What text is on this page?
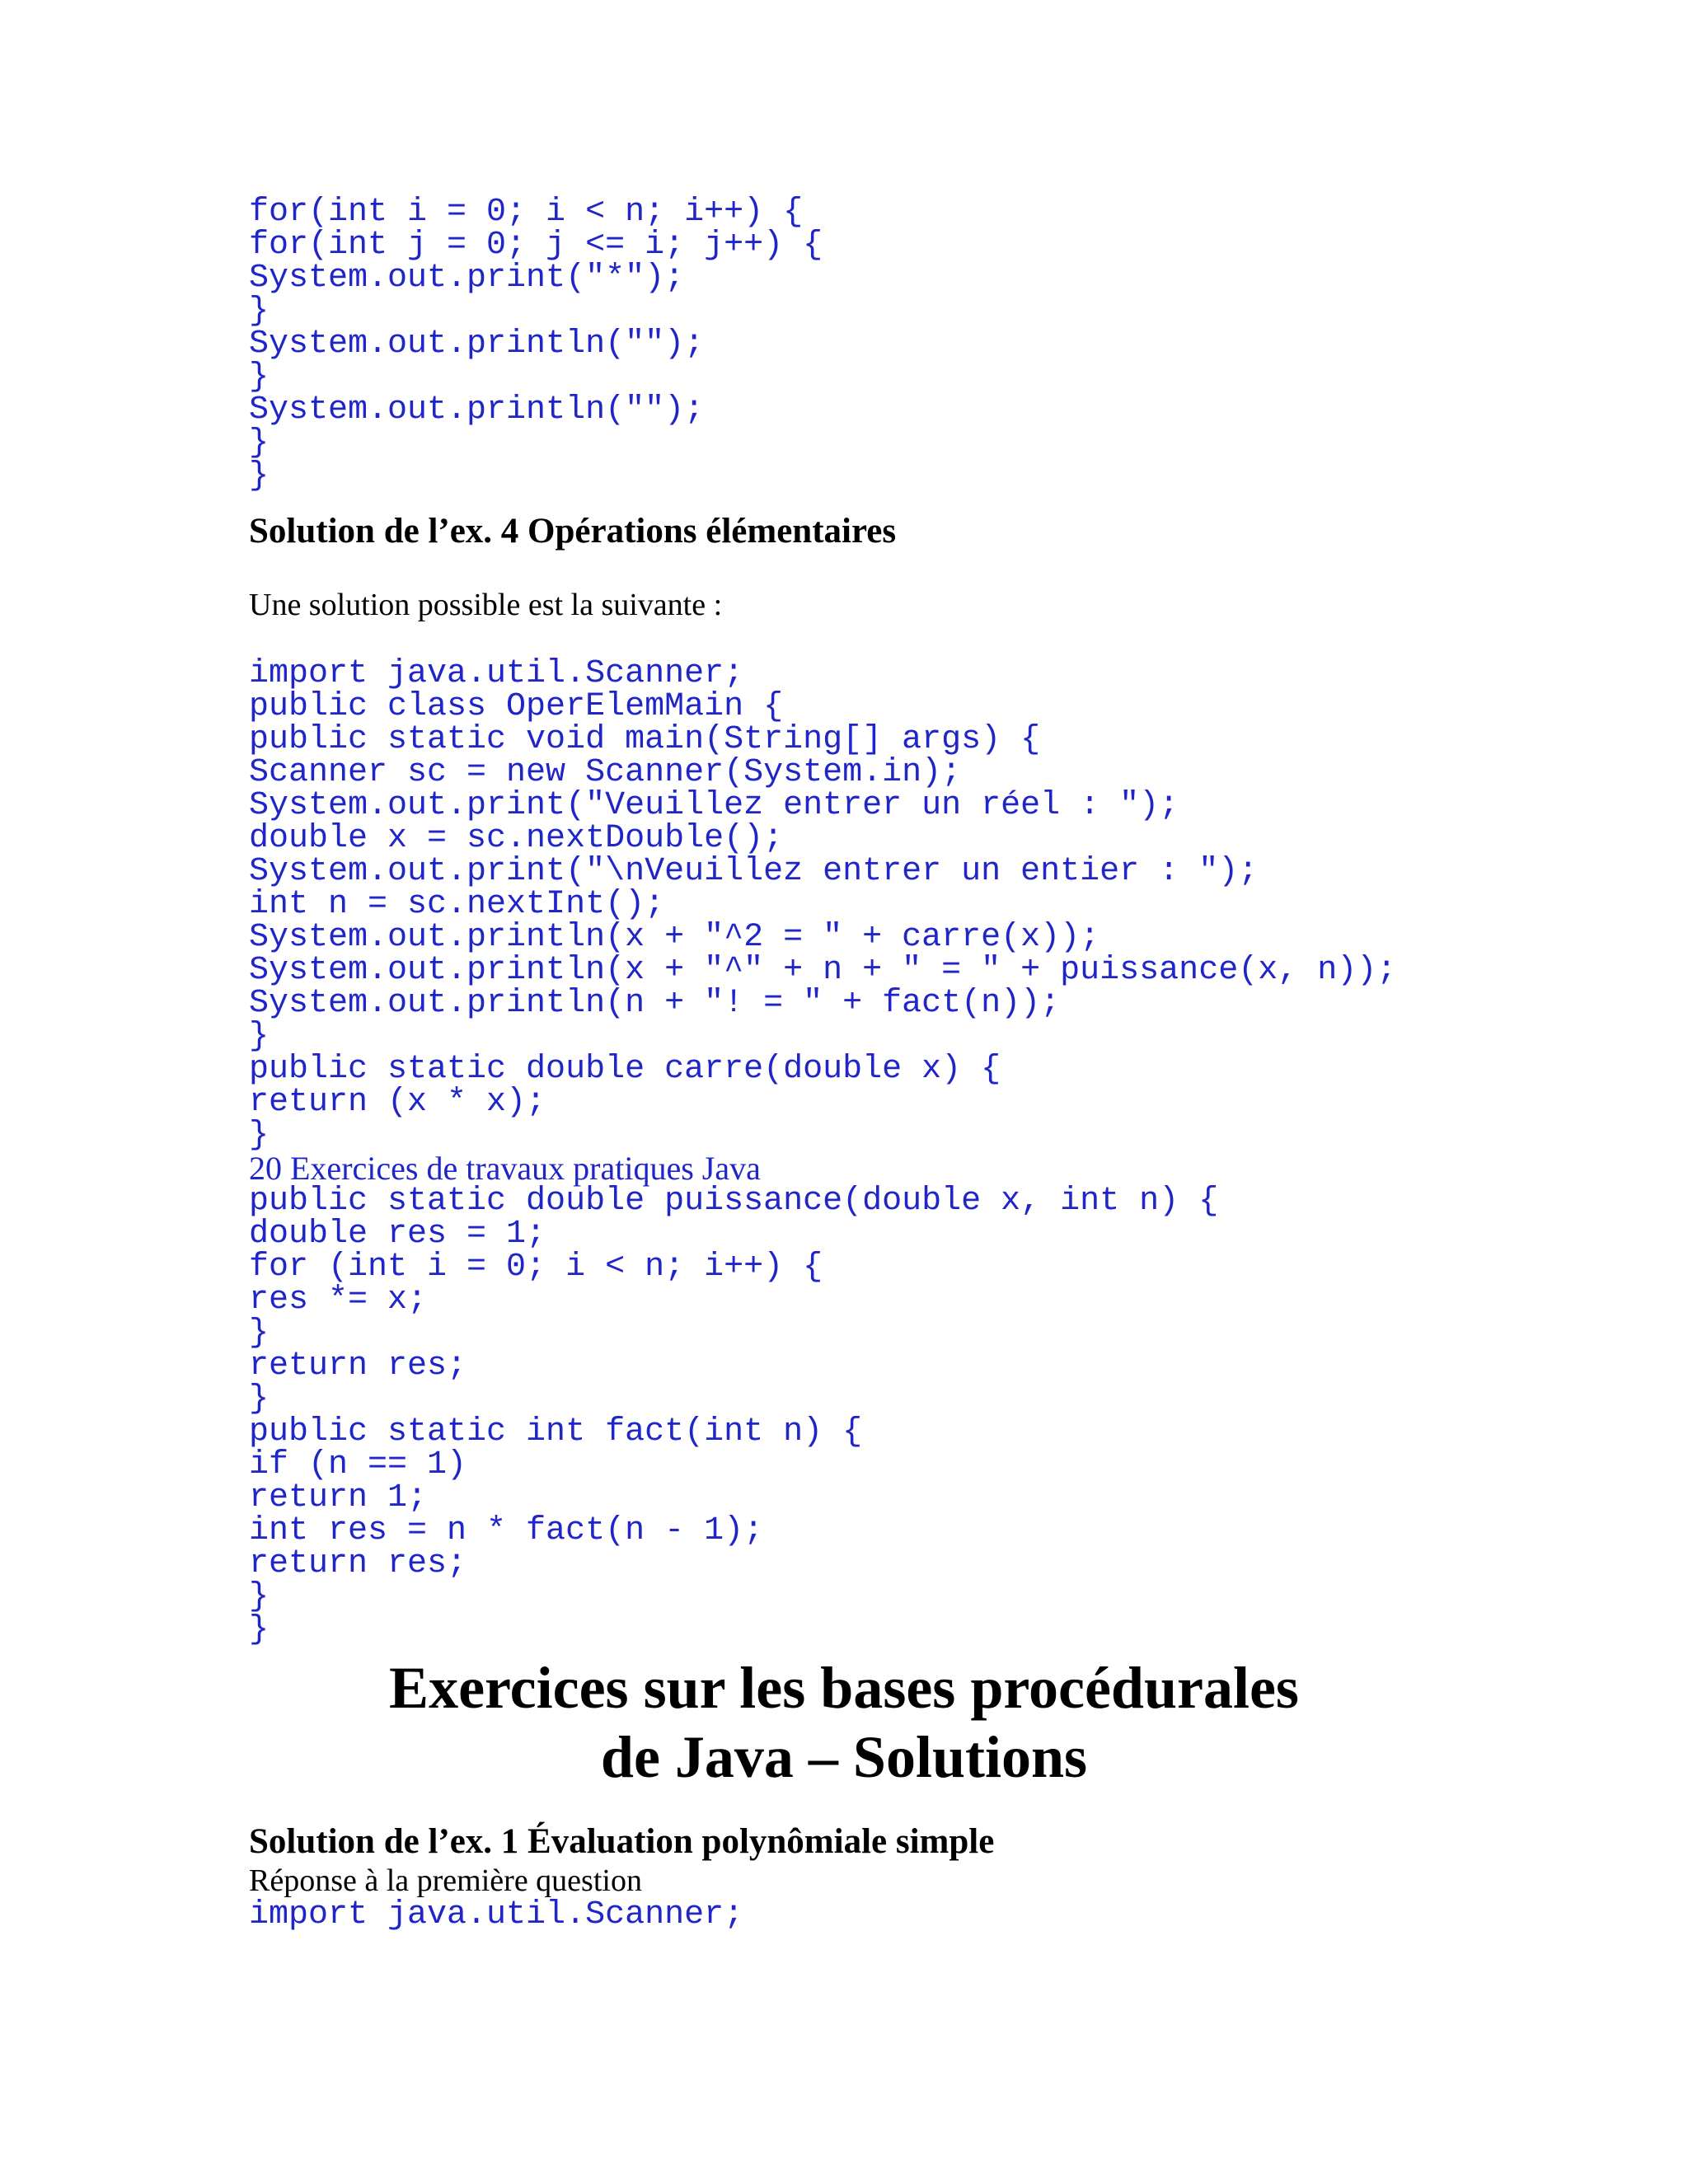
for(int i = 0; i < n; i++) {
for(int j = 0; j <= i; j++) {
System.out.print("*");
}
System.out.println("");
}
System.out.println("");
}
}
Solution de l’ex. 4 Opérations élémentaires

Une solution possible est la suivante :

import java.util.Scanner;
public class OperElemMain {
public static void main(String[] args) {
Scanner sc = new Scanner(System.in);
System.out.print("Veuillez entrer un réel : ");
double x = sc.nextDouble();
System.out.print("\nVeuillez entrer un entier : ");
int n = sc.nextInt();
System.out.println(x + "^2 = " + carre(x));
System.out.println(x + "^" + n + " = " + puissance(x, n));
System.out.println(n + "! = " + fact(n));
}
public static double carre(double x) {
return (x * x);
}
20 Exercices de travaux pratiques Java
public static double puissance(double x, int n) {
double res = 1;
for (int i = 0; i < n; i++) {
res *= x;
}
return res;
}
public static int fact(int n) {
if (n == 1)
return 1;
int res = n * fact(n - 1);
return res;
}
}
Exercices sur les bases procédurales
de Java – Solutions
Solution de l’ex. 1 Évaluation polynômiale simple

Réponse à la première question

import java.util.Scanner;
